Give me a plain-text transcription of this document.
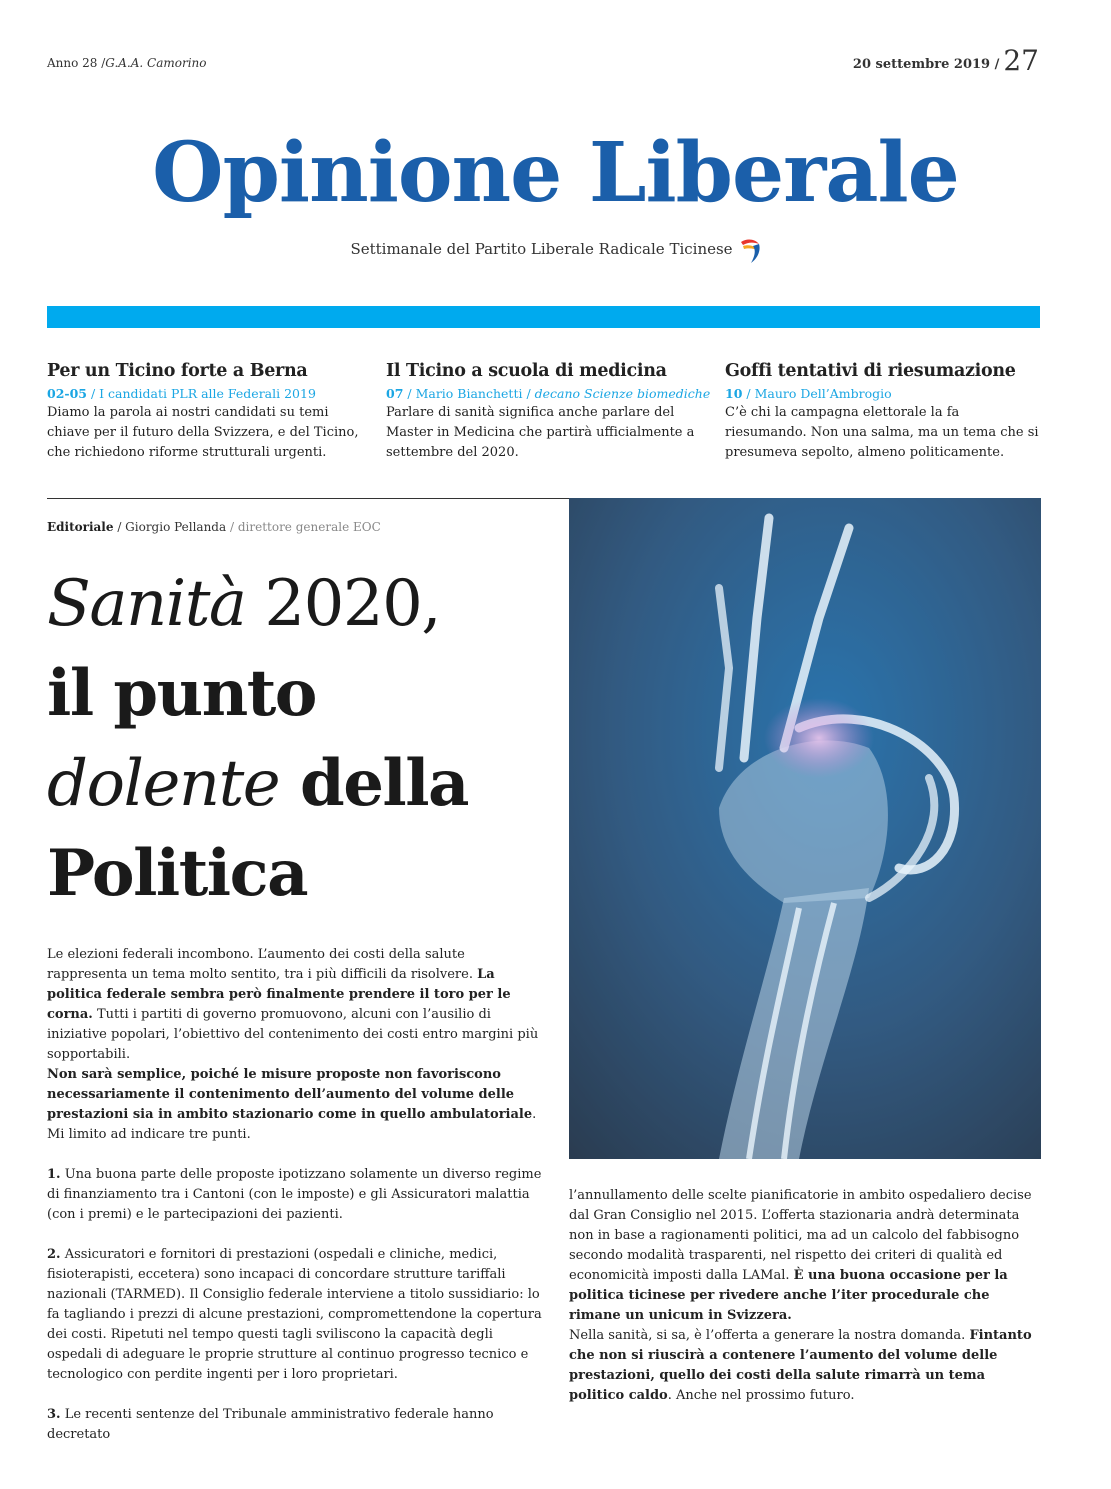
Anno 28 /G.A.A. Camorino	20 settembre 2019 / 27
Opinione Liberale
Settimanale del Partito Liberale Radicale Ticinese
Per un Ticino forte a Berna
02-05 / I candidati PLR alle Federali 2019

Diamo la parola ai nostri candidati su temi chiave per il futuro della Svizzera, e del Ticino, che richiedono riforme strutturali urgenti.

Il Ticino a scuola di medicina
07 / Mario Bianchetti / decano Scienze biomediche

Parlare di sanità significa anche parlare del Master in Medicina che partirà ufficialmente a settembre del 2020.

Goffi tentativi di riesumazione
10 / Mauro Dell’Ambrogio

C’è chi la campagna elettorale la fa riesumando. Non una salma, ma un tema che si presumeva sepolto, almeno politicamente.

Editoriale / Giorgio Pellanda / direttore generale EOC
Sanità 2020,
il punto
dolente della
Politica

Le elezioni federali incombono. L’aumento dei costi della salute rappresenta un tema molto sentito, tra i più difficili da risolvere. La politica federale sembra però finalmente prendere il toro per le corna. Tutti i partiti di governo promuovono, alcuni con l’ausilio di iniziative popolari, l’obiettivo del contenimento dei costi entro margini più sopportabili.

Non sarà semplice, poiché le misure proposte non favoriscono necessariamente il contenimento dell’aumento del volume delle prestazioni sia in ambito stazionario come in quello ambulatoriale. Mi limito ad indicare tre punti.

1. Una buona parte delle proposte ipotizzano solamente un diverso regime di finanziamento tra i Cantoni (con le imposte) e gli Assicuratori malattia (con i premi) e le partecipazioni dei pazienti.

2. Assicuratori e fornitori di prestazioni (ospedali e cliniche, medici, fisioterapisti, eccetera) sono incapaci di concordare strutture tariffali nazionali (TARMED). Il Consiglio federale interviene a titolo sussidiario: lo fa tagliando i prezzi di alcune prestazioni, compromettendone la copertura dei costi. Ripetuti nel tempo questi tagli sviliscono la capacità degli ospedali di adeguare le proprie strutture al continuo progresso tecnico e tecnologico con perdite ingenti per i loro proprietari.

3. Le recenti sentenze del Tribunale amministrativo federale hanno decretato

l’annullamento delle scelte pianificatorie in ambito ospedaliero decise dal Gran Consiglio nel 2015. L’offerta stazionaria andrà determinata non in base a ragionamenti politici, ma ad un calcolo del fabbisogno secondo modalità trasparenti, nel rispetto dei criteri di qualità ed economicità imposti dalla LAMal. È una buona occasione per la politica ticinese per rivedere anche l’iter procedurale che rimane un unicum in Svizzera.

Nella sanità, si sa, è l’offerta a generare la nostra domanda. Fintanto che non si riuscirà a contenere l’aumento del volume delle prestazioni, quello dei costi della salute rimarrà un tema politico caldo. Anche nel prossimo futuro.
